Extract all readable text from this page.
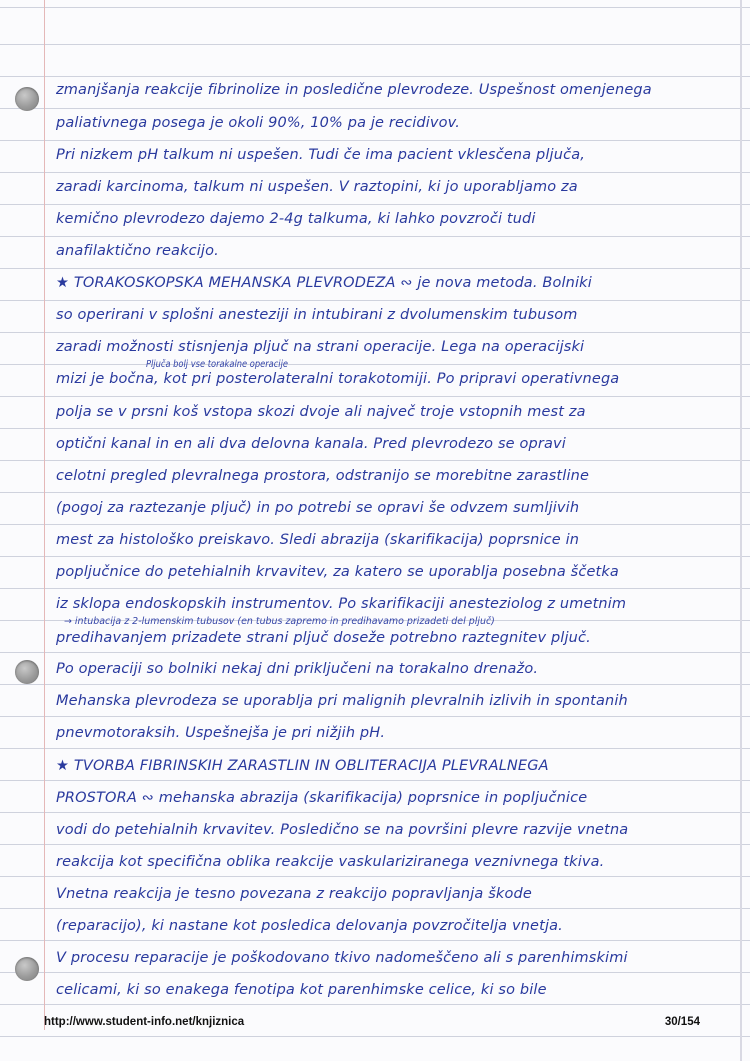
zmanjšanja reakcije fibrinolize in posledične plevrodeze. Uspešnost omenjenega
paliativnega posega je okoli 90%, 10% pa je recidivov.
Pri nizkem pH talkum ni uspešen. Tudi če ima pacient vklesčena pljuča,
zaradi karcinoma, talkum ni uspešen. V raztopini, ki jo uporabljamo za
kemično plevrodezo dajemo 2-4g talkuma, ki lahko povzroči tudi
anafilaktično reakcijo.
★ TORAKOSKOPSKA MEHANSKA PLEVRODEZA ∾ je nova metoda. Bolniki
so operirani v splošni anesteziji in intubirani z dvolumenskim tubusom
zaradi možnosti stisnjenja pljuč na strani operacije. Lega na operacijski
Pljuča bolj vse torakalne operacije
mizi je bočna, kot pri posterolateralni torakotomiji. Po pripravi operativnega
polja se v prsni koš vstopa skozi dvoje ali največ troje vstopnih mest za
optični kanal in en ali dva delovna kanala. Pred plevrodezo se opravi
celotni pregled plevralnega prostora, odstranijo se morebitne zarastline
(pogoj za raztezanje pljuč) in po potrebi se opravi še odvzem sumljivih
mest za histološko preiskavo. Sledi abrazija (skarifikacija) poprsnice in
popljučnice do petehialnih krvavitev, za katero se uporablja posebna ščetka
iz sklopa endoskopskih instrumentov. Po skarifikaciji anesteziolog z umetnim
→ intubacija z 2-lumenskim tubusov (en tubus zapremo in predihavamo prizadeti del pljuč)
predihavanjem prizadete strani pljuč doseže potrebno raztegnitev pljuč.
Po operaciji so bolniki nekaj dni priključeni na torakalno drenažo.
Mehanska plevrodeza se uporablja pri malignih plevralnih izlivih in spontanih
pnevmotoraksih. Uspešnejša je pri nižjih pH.
★ TVORBA FIBRINSKIH ZARASTLIN IN OBLITERACIJA PLEVRALNEGA
PROSTORA ∾ mehanska abrazija (skarifikacija) poprsnice in popljučnice
vodi do petehialnih krvavitev. Posledično se na površini plevre razvije vnetna
reakcija kot specifična oblika reakcije vaskulariziranega veznivnega tkiva.
Vnetna reakcija je tesno povezana z reakcijo popravljanja škode
(reparacijo), ki nastane kot posledica delovanja povzročitelja vnetja.
V procesu reparacije je poškodovano tkivo nadomeščeno ali s parenhimskimi
celicami, ki so enakega fenotipa kot parenhimske celice, ki so bile
http://www.student-info.net/knjiznica	30/154
